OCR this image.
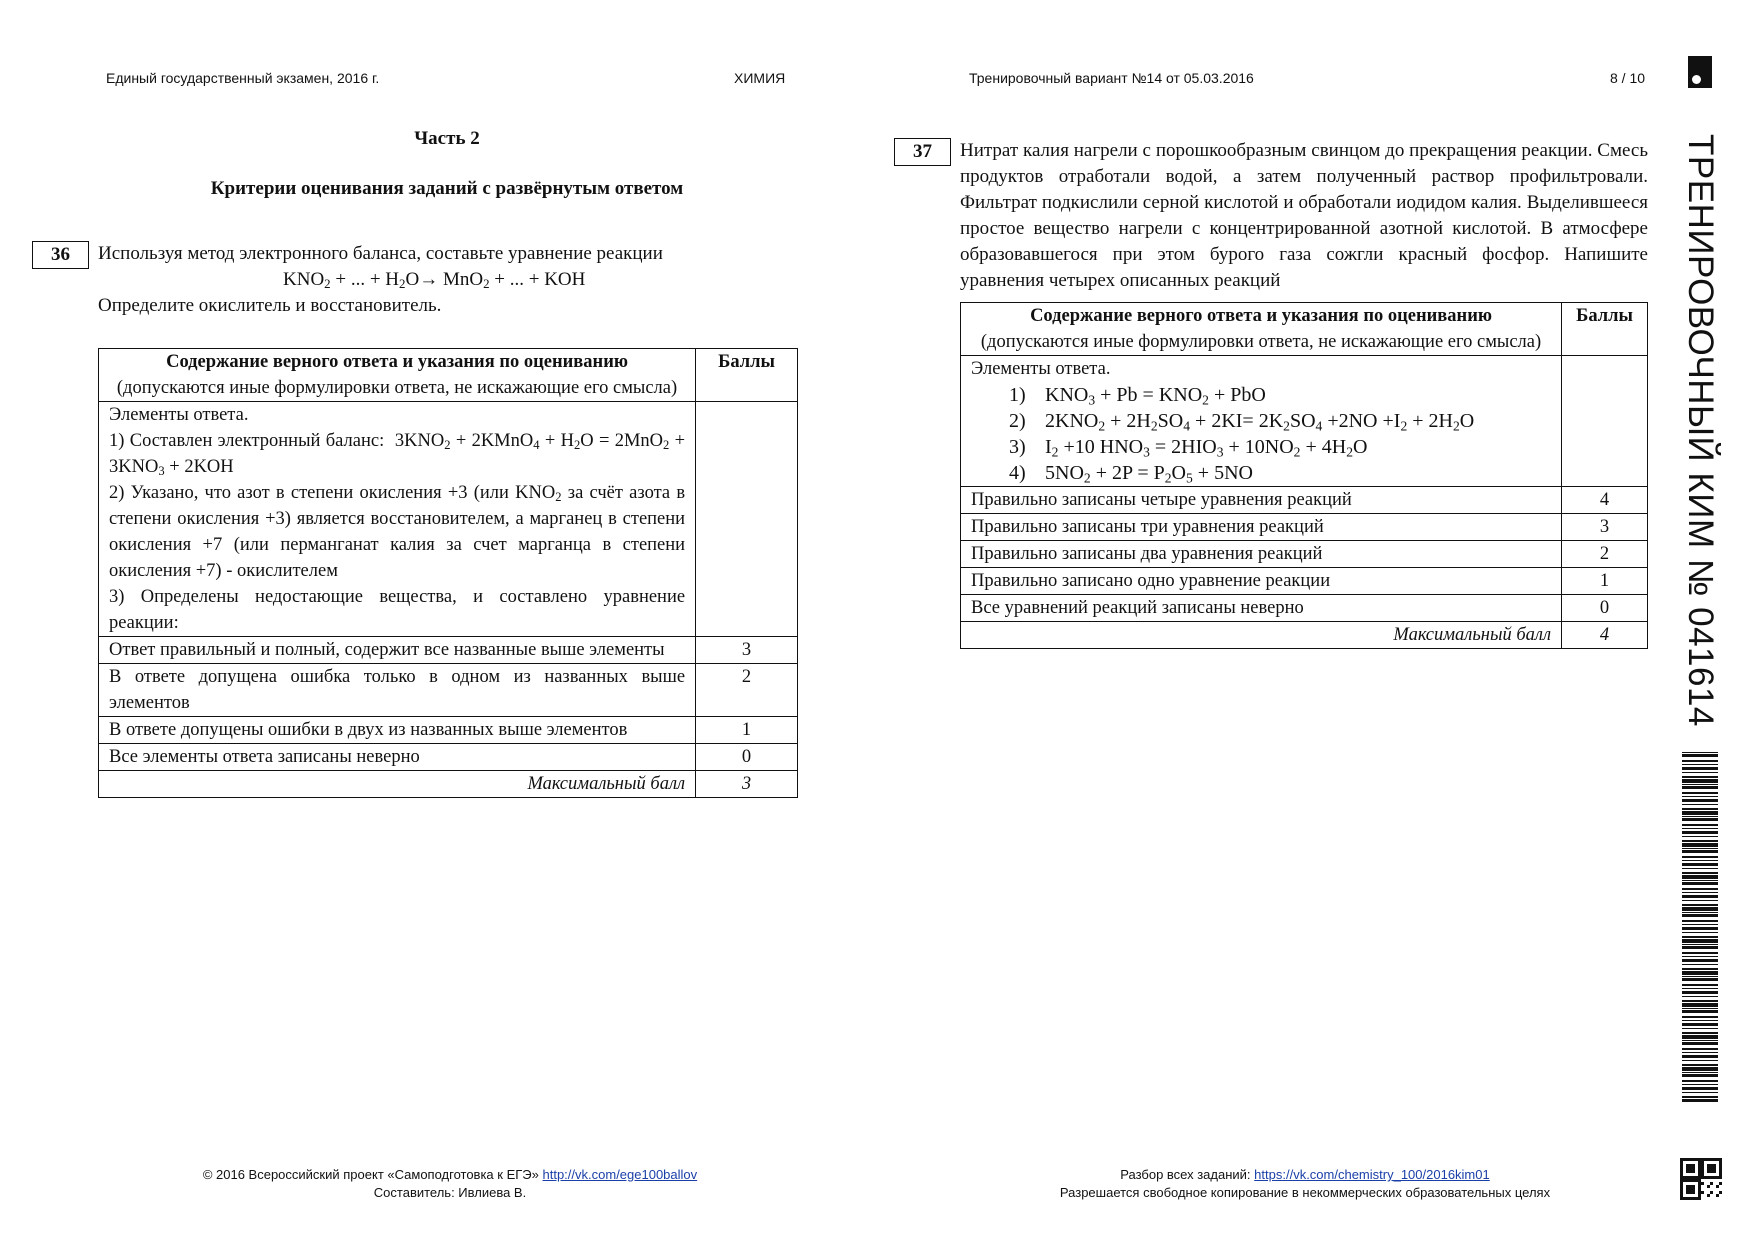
Единый государственный экзамен, 2016 г.	ХИМИЯ	Тренировочный вариант №14 от 05.03.2016	8 / 10
Часть 2
Критерии оценивания заданий с развёрнутым ответом
36	Используя метод электронного баланса, составьте уравнение реакции
$KNO_2$ + ... + $H_2O\to MnO_2$ + ... + KOH
Определите окислитель и восстановитель.
Содержание верного ответа и указания по оцениванию
(допускаются иные формулировки ответа, не искажающие его смысла)	Баллы

Элементы ответа.
1) Составлен электронный баланс:  $3KNO_2$ + 2KMnO$_4$ + $H_2O = 2MnO_2 + 3KNO_3 + 2KOH$
2) Указано, что азот в степени окисления +3 (или $KNO_2$ за счёт азота в степени окисления +3) является восстановителем, а марганец в степени окисления +7 (или перманганат калия за счет марганца в степени окисления +7) - окислителем
3) Определены недостающие вещества, и составлено уравнение реакции:	

Ответ правильный и полный, содержит все названные выше элементы	3
В ответе допущена ошибка только в одном из названных выше элементов	2
В ответе допущены ошибки в двух из названных выше элементов	1
Все элементы ответа записаны неверно	0
Максимальный балл	3
37	Нитрат калия нагрели с порошкообразным свинцом до прекращения реакции. Смесь продуктов отработали водой, а затем полученный раствор профильтровали. Фильтрат подкислили серной кислотой и обработали иодидом калия. Выделившееся простое вещество нагрели с концентрированной азотной кислотой. В атмосфере образовавшегося при этом бурого газа сожгли красный фосфор. Напишите уравнения четырех описанных реакций
Содержание верного ответа и указания по оцениванию
(допускаются иные формулировки ответа, не искажающие его смысла)	Баллы

Элементы ответа.
1) $KNO_3 + Pb = KNO_2$ + PbO
2) $2KNO_2 + 2H_2SO_4 + 2KI= 2K_2SO_4 +2NO +I_2 + 2H_2O$
3) $I_2 +10$ $HNO_3 = 2HIO_3 + 10NO_2 + 4H_2O$
4) $5NO_2 + 2P = P_2O_5 + 5NO$	

Правильно записаны четыре уравнения реакций	4
Правильно записаны три уравнения реакций	3
Правильно записаны два уравнения реакций	2
Правильно записано одно уравнение реакции	1
Все уравнений реакций записаны неверно	0
Максимальный балл	4 ТРЕНИРОВОЧНЫЙ КИМ № 041614
© 2016 Всероссийский проект «Самоподготовка к ЕГЭ» http://vk.com/ege100ballov
Составитель: Ивлиева В.
Разбор всех заданий: https://vk.com/chemistry_100/2016kim01
Разрешается свободное копирование в некоммерческих образовательных целях
